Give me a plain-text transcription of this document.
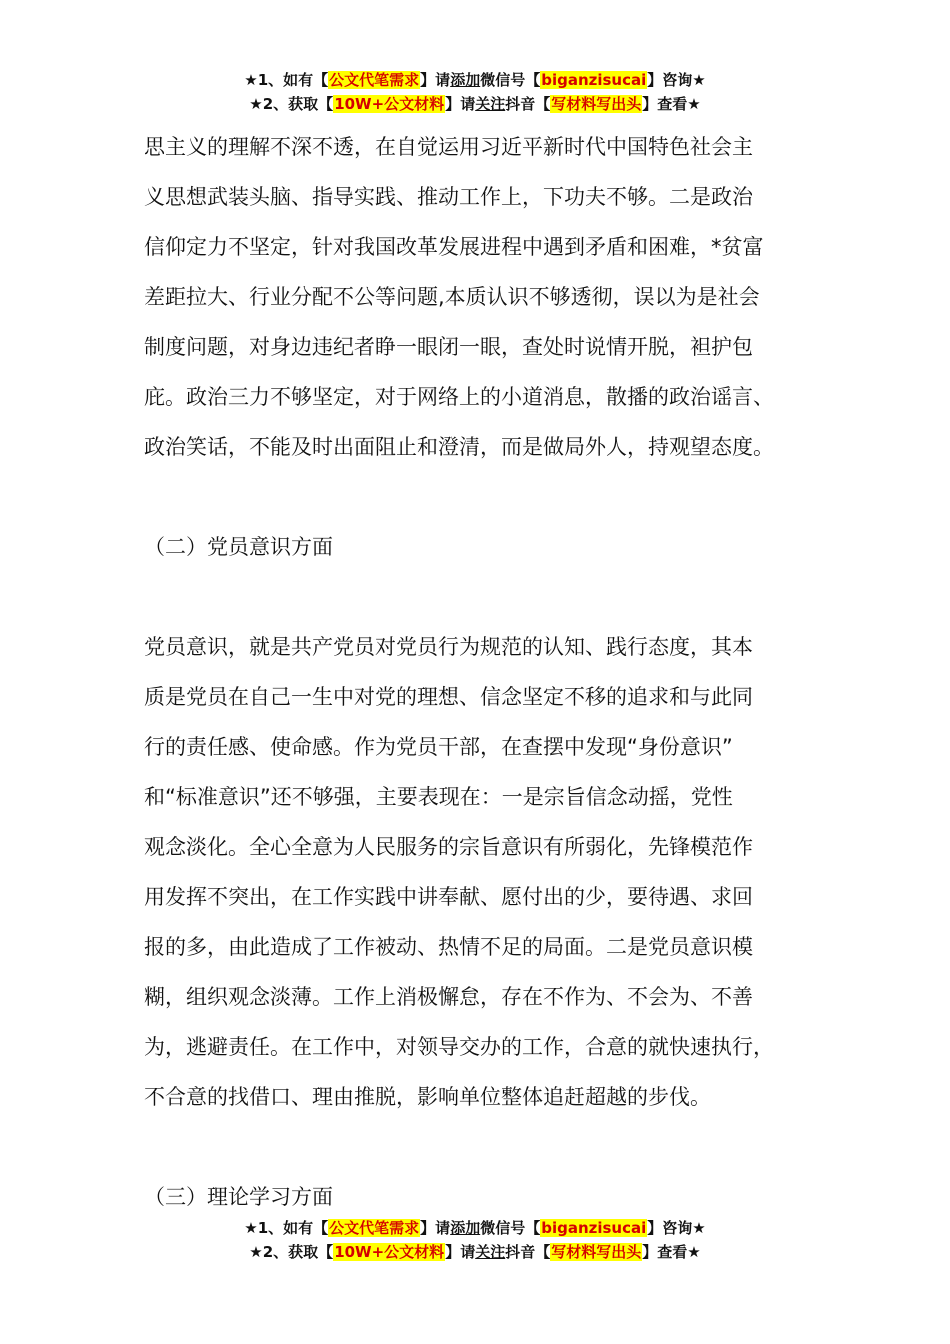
★1、如有【公文代笔需求】请添加微信号【biganzisucai】咨询★
★2、获取【10W+公文材料】请关注抖音【写材料写出头】查看★
思主义的理解不深不透，在自觉运用习近平新时代中国特色社会主
义思想武装头脑、指导实践、推动工作上，下功夫不够。二是政治
信仰定力不坚定，针对我国改革发展进程中遇到矛盾和困难，*贫富
差距拉大、行业分配不公等问题,本质认识不够透彻，误以为是社会
制度问题，对身边违纪者睁一眼闭一眼，查处时说情开脱，袒护包
庇。政治三力不够坚定，对于网络上的小道消息，散播的政治谣言、
政治笑话，不能及时出面阻止和澄清，而是做局外人，持观望态度。
（二）党员意识方面
党员意识，就是共产党员对党员行为规范的认知、践行态度，其本
质是党员在自己一生中对党的理想、信念坚定不移的追求和与此同
行的责任感、使命感。作为党员干部，在查摆中发现“身份意识”
和“标准意识”还不够强，主要表现在：一是宗旨信念动摇，党性
观念淡化。全心全意为人民服务的宗旨意识有所弱化，先锋模范作
用发挥不突出，在工作实践中讲奉献、愿付出的少，要待遇、求回
报的多，由此造成了工作被动、热情不足的局面。二是党员意识模
糊，组织观念淡薄。工作上消极懈怠，存在不作为、不会为、不善
为，逃避责任。在工作中，对领导交办的工作，合意的就快速执行，
不合意的找借口、理由推脱，影响单位整体追赶超越的步伐。
（三）理论学习方面
★1、如有【公文代笔需求】请添加微信号【biganzisucai】咨询★
★2、获取【10W+公文材料】请关注抖音【写材料写出头】查看★
